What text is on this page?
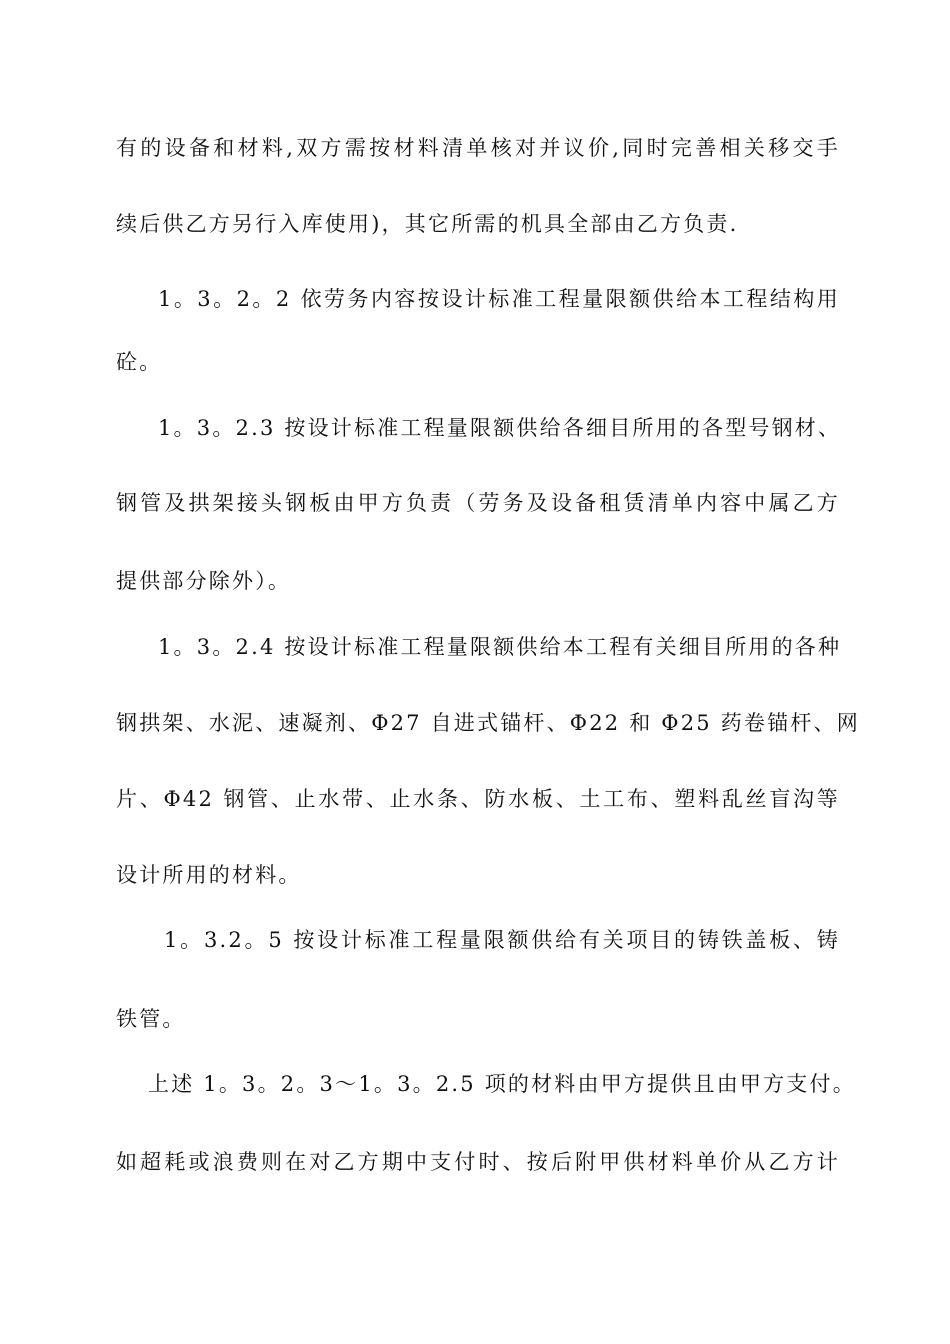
有的设备和材料,双方需按材料清单核对并议价,同时完善相关移交手
续后供乙方另行入库使用)，其它所需的机具全部由乙方负责.
1。3。2。2 依劳务内容按设计标准工程量限额供给本工程结构用
砼。
1。3。2.3 按设计标准工程量限额供给各细目所用的各型号钢材、
钢管及拱架接头钢板由甲方负责（劳务及设备租赁清单内容中属乙方
提供部分除外）。
1。3。2.4 按设计标准工程量限额供给本工程有关细目所用的各种
钢拱架、水泥、速凝剂、Φ27 自进式锚杆、Φ22 和 Φ25 药卷锚杆、网
片、Φ42 钢管、止水带、止水条、防水板、土工布、塑料乱丝盲沟等
设计所用的材料。
1。3.2。5 按设计标准工程量限额供给有关项目的铸铁盖板、铸
铁管。
上述 1。3。2。3～1。3。2.5 项的材料由甲方提供且由甲方支付。
如超耗或浪费则在对乙方期中支付时、按后附甲供材料单价从乙方计
